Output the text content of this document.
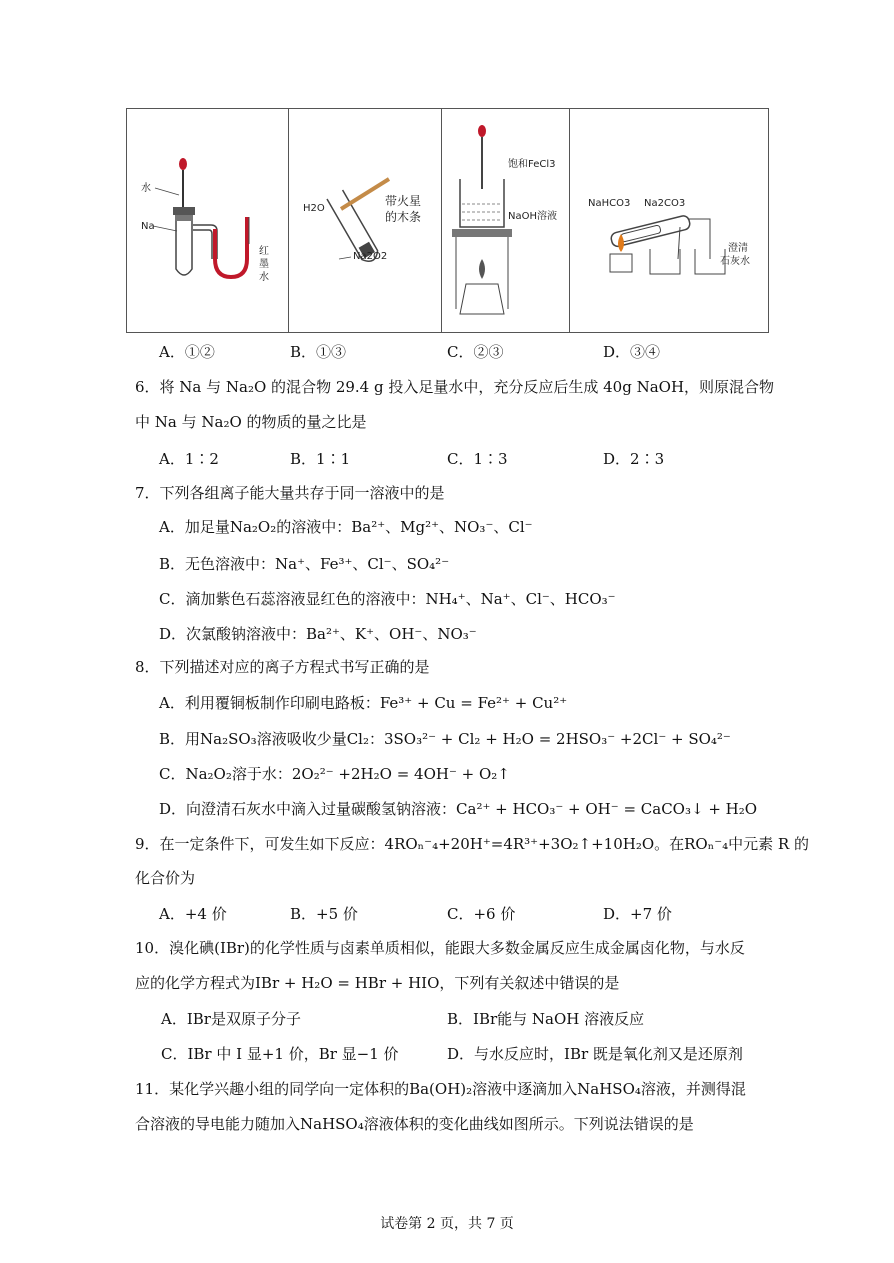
水
Na
红
墨
水
H2O
带火星
的木条
Na2O2
饱和FeCl3
NaOH溶液
NaHCO3 Na2CO3
澄清
石灰水
A．①②	B．①③	C．②③	D．③④
6．将 Na 与 Na₂O 的混合物 29.4 g 投入足量水中，充分反应后生成 40g NaOH，则原混合物
中 Na 与 Na₂O 的物质的量之比是
A．1∶2	B．1∶1	C．1∶3	D．2∶3
7．下列各组离子能大量共存于同一溶液中的是
A．加足量Na₂O₂的溶液中：Ba²⁺、Mg²⁺、NO₃⁻、Cl⁻
B．无色溶液中：Na⁺、Fe³⁺、Cl⁻、SO₄²⁻
C．滴加紫色石蕊溶液显红色的溶液中：NH₄⁺、Na⁺、Cl⁻、HCO₃⁻
D．次氯酸钠溶液中：Ba²⁺、K⁺、OH⁻、NO₃⁻
8．下列描述对应的离子方程式书写正确的是
A．利用覆铜板制作印刷电路板：Fe³⁺ + Cu = Fe²⁺ + Cu²⁺
B．用Na₂SO₃溶液吸收少量Cl₂：3SO₃²⁻ + Cl₂ + H₂O = 2HSO₃⁻ +2Cl⁻ + SO₄²⁻
C．Na₂O₂溶于水：2O₂²⁻ +2H₂O = 4OH⁻ + O₂↑
D．向澄清石灰水中滴入过量碳酸氢钠溶液：Ca²⁺ + HCO₃⁻ + OH⁻ = CaCO₃↓ + H₂O
9．在一定条件下，可发生如下反应：4ROₙ⁻₄+20H⁺=4R³⁺+3O₂↑+10H₂O。在ROₙ⁻₄中元素 R 的
化合价为
A．+4 价	B．+5 价	C．+6 价	D．+7 价
10．溴化碘(IBr)的化学性质与卤素单质相似，能跟大多数金属反应生成金属卤化物，与水反
应的化学方程式为IBr + H₂O = HBr + HIO，下列有关叙述中错误的是
A．IBr是双原子分子	B．IBr能与 NaOH 溶液反应
C．IBr 中 I 显+1 价，Br 显−1 价	D．与水反应时，IBr 既是氧化剂又是还原剂
11．某化学兴趣小组的同学向一定体积的Ba(OH)₂溶液中逐滴加入NaHSO₄溶液，并测得混
合溶液的导电能力随加入NaHSO₄溶液体积的变化曲线如图所示。下列说法错误的是
试卷第 2 页，共 7 页
